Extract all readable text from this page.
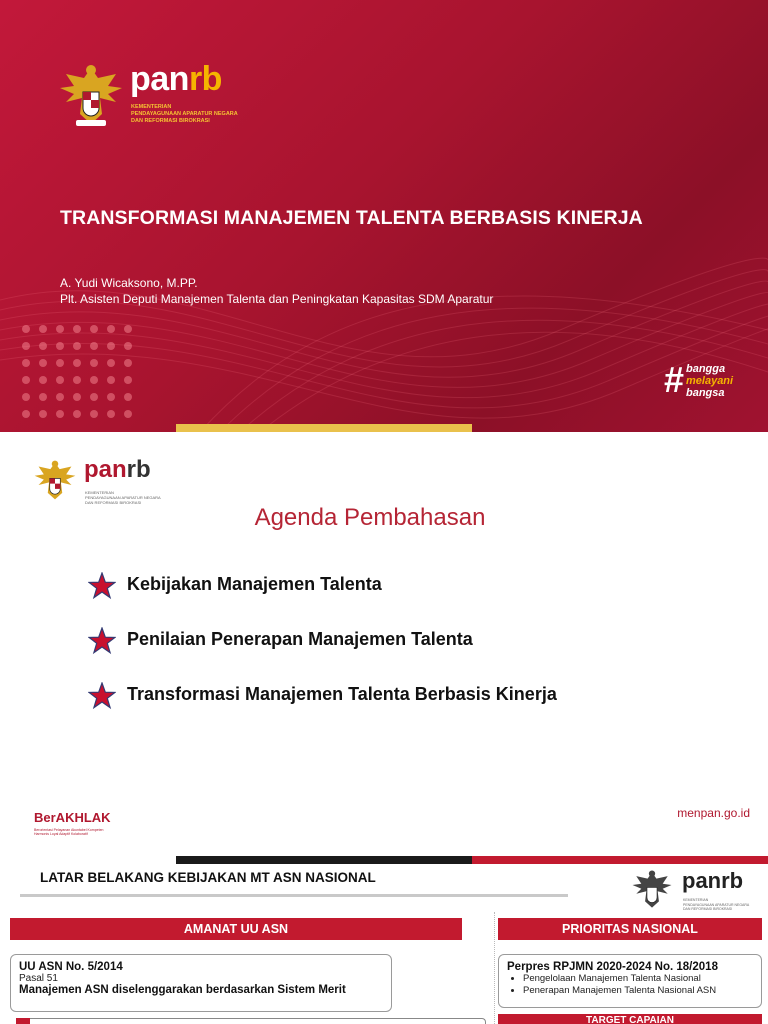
panrb
KEMENTERIAN
PENDAYAGUNAAN APARATUR NEGARA
DAN REFORMASI BIROKRASI
TRANSFORMASI MANAJEMEN TALENTA BERBASIS KINERJA
A. Yudi Wicaksono, M.PP.
Plt. Asisten Deputi Manajemen Talenta dan Peningkatan Kapasitas SDM Aparatur
# bangga
melayani
bangsa
panrb
KEMENTERIAN
PENDAYAGUNAAN APARATUR NEGARA
DAN REFORMASI BIROKRASI
Agenda Pembahasan
Kebijakan Manajemen Talenta
Penilaian Penerapan Manajemen Talenta
Transformasi Manajemen Talenta Berbasis Kinerja
BerAKHLAK
Berorientasi Pelayanan Akuntabel Kompeten Harmonis Loyal Adaptif Kolaboratif
menpan.go.id
LATAR BELAKANG KEBIJAKAN MT ASN NASIONAL	panrb
KEMENTERIAN
PENDAYAGUNAAN APARATUR NEGARA
DAN REFORMASI BIROKRASI
AMANAT UU ASN	PRIORITAS NASIONAL
UU ASN No. 5/2014
Pasal 51
Manajemen ASN diselenggarakan berdasarkan Sistem Merit
Perpres RPJMN 2020-2024 No. 18/2018
• Pengelolaan Manajemen Talenta Nasional
• Penerapan Manajemen Talenta Nasional ASN
TARGET CAPAIAN
